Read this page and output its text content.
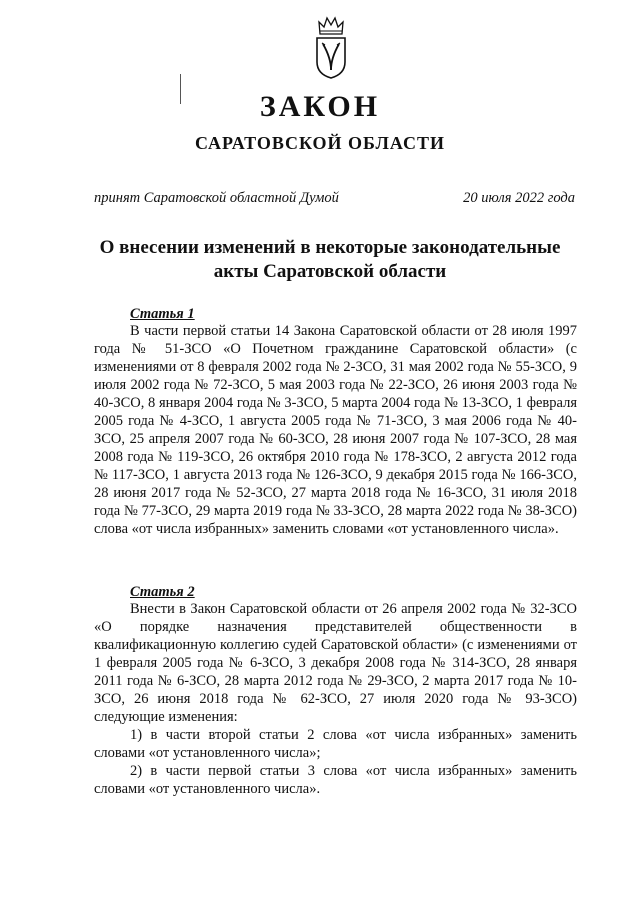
ЗАКОН
САРАТОВСКОЙ ОБЛАСТИ
принят Саратовской областной Думой	20 июля 2022 года
О внесении изменений в некоторые законодательные акты Саратовской области
Статья 1

В части первой статьи 14 Закона Саратовской области от 28 июля 1997 года № 51-ЗСО «О Почетном гражданине Саратовской области» (с изменениями от 8 февраля 2002 года № 2-ЗСО, 31 мая 2002 года № 55-ЗСО, 9 июля 2002 года № 72-ЗСО, 5 мая 2003 года № 22-ЗСО, 26 июня 2003 года № 40-ЗСО, 8 января 2004 года № 3-ЗСО, 5 марта 2004 года № 13-ЗСО, 1 февраля 2005 года № 4-ЗСО, 1 августа 2005 года № 71-ЗСО, 3 мая 2006 года № 40-ЗСО, 25 апреля 2007 года № 60-ЗСО, 28 июня 2007 года № 107-ЗСО, 28 мая 2008 года № 119-ЗСО, 26 октября 2010 года № 178-ЗСО, 2 августа 2012 года № 117-ЗСО, 1 августа 2013 года № 126-ЗСО, 9 декабря 2015 года № 166-ЗСО, 28 июня 2017 года № 52-ЗСО, 27 марта 2018 года № 16-ЗСО, 31 июля 2018 года № 77-ЗСО, 29 марта 2019 года № 33-ЗСО, 28 марта 2022 года № 38-ЗСО) слова «от числа избранных» заменить словами «от установленного числа».

Статья 2

Внести в Закон Саратовской области от 26 апреля 2002 года № 32-ЗСО «О порядке назначения представителей общественности в квалификационную коллегию судей Саратовской области» (с изменениями от 1 февраля 2005 года № 6-ЗСО, 3 декабря 2008 года № 314-ЗСО, 28 января 2011 года № 6-ЗСО, 28 марта 2012 года № 29-ЗСО, 2 марта 2017 года № 10-ЗСО, 26 июня 2018 года № 62-ЗСО, 27 июля 2020 года № 93-ЗСО) следующие изменения:

1) в части второй статьи 2 слова «от числа избранных» заменить словами «от установленного числа»;

2) в части первой статьи 3 слова «от числа избранных» заменить словами «от установленного числа».
